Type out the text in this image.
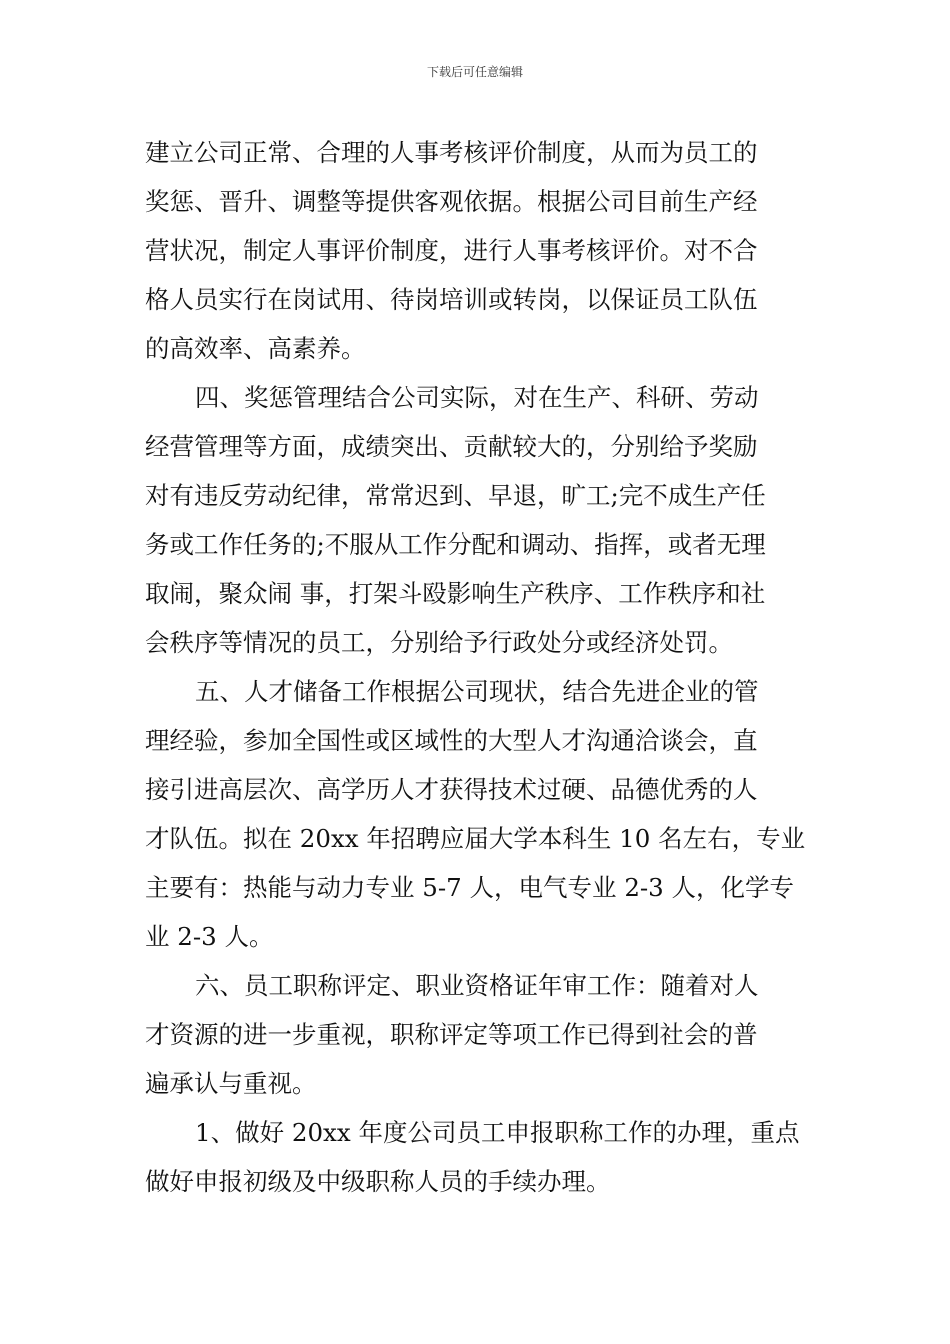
下载后可任意编辑
建立公司正常、合理的人事考核评价制度，从而为员工的
奖惩、晋升、调整等提供客观依据。根据公司目前生产经
营状况，制定人事评价制度，进行人事考核评价。对不合
格人员实行在岗试用、待岗培训或转岗，以保证员工队伍
的高效率、高素养。
四、奖惩管理结合公司实际，对在生产、科研、劳动
经营管理等方面，成绩突出、贡献较大的，分别给予奖励
对有违反劳动纪律，常常迟到、早退，旷工;完不成生产任
务或工作任务的;不服从工作分配和调动、指挥，或者无理
取闹，聚众闹 事，打架斗殴影响生产秩序、工作秩序和社
会秩序等情况的员工，分别给予行政处分或经济处罚。
五、人才储备工作根据公司现状，结合先进企业的管
理经验，参加全国性或区域性的大型人才沟通洽谈会，直
接引进高层次、高学历人才获得技术过硬、品德优秀的人
才队伍。拟在 20xx 年招聘应届大学本科生 10 名左右，专业
主要有：热能与动力专业 5-7 人，电气专业 2-3 人，化学专
业 2-3 人。
六、员工职称评定、职业资格证年审工作：随着对人
才资源的进一步重视，职称评定等项工作已得到社会的普
遍承认与重视。
1、做好 20xx 年度公司员工申报职称工作的办理，重点
做好申报初级及中级职称人员的手续办理。
